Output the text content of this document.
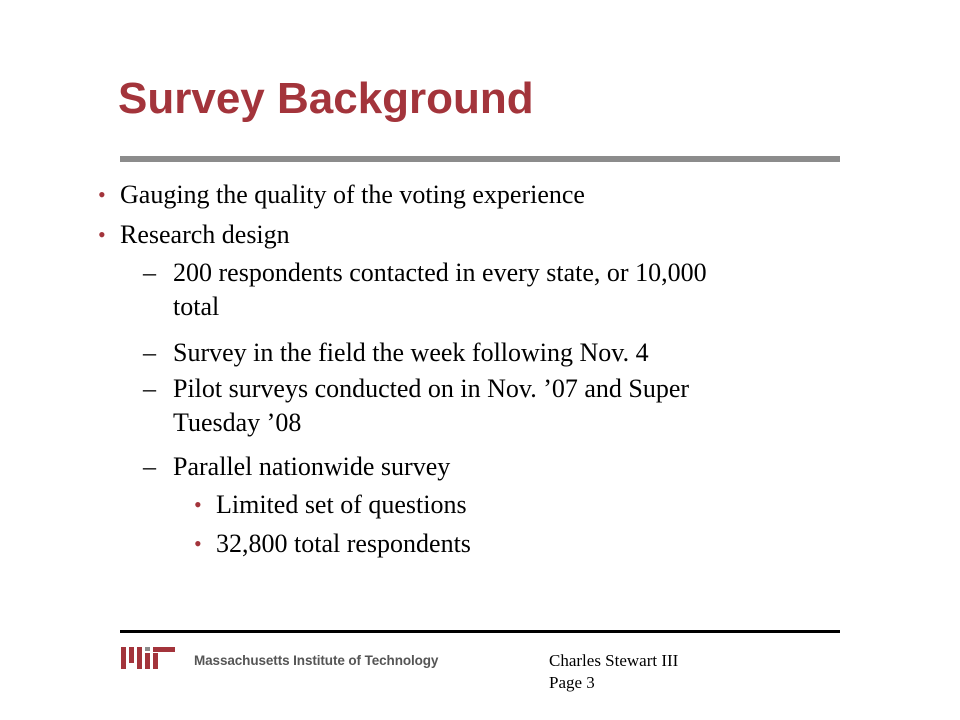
Survey Background
• Gauging the quality of the voting experience
• Research design
– 200 respondents contacted in every state, or 10,000
total
– Survey in the field the week following Nov. 4
– Pilot surveys conducted on in Nov. ’07 and Super
Tuesday ’08
– Parallel nationwide survey
• Limited set of questions
• 32,800 total respondents
Massachusetts Institute of Technology	Charles Stewart III
Page 3
